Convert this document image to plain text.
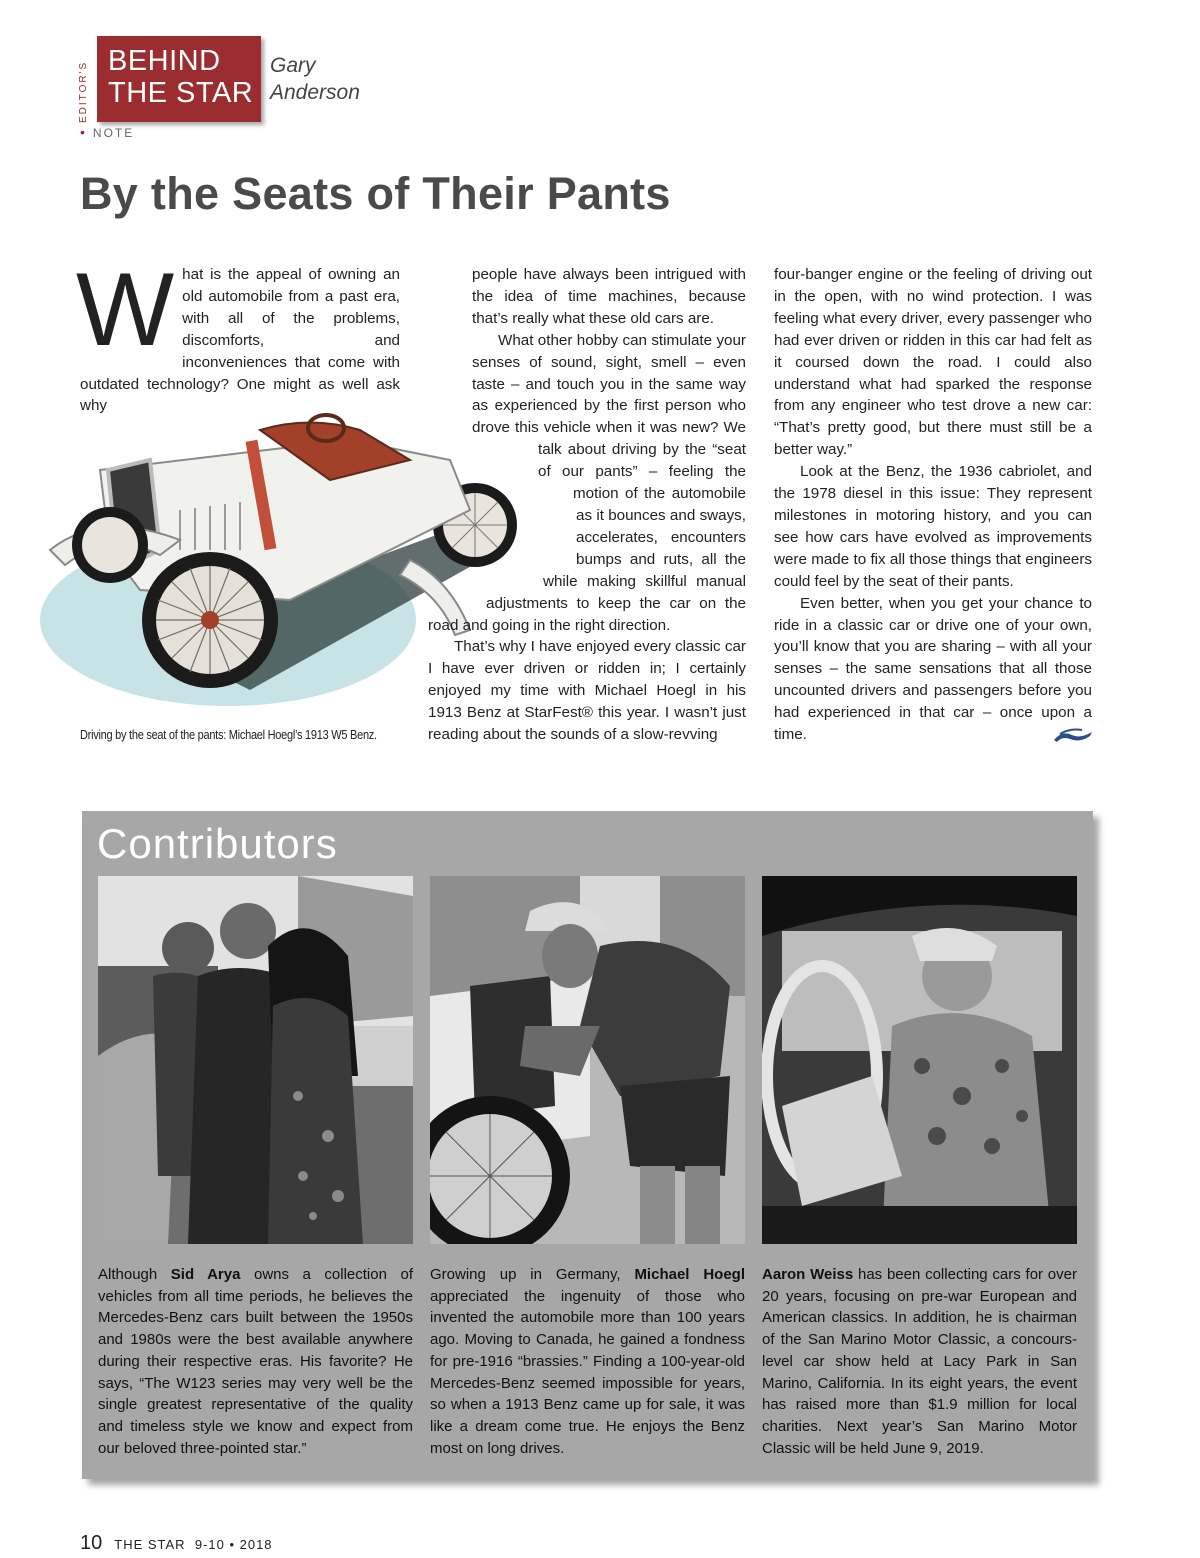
EDITOR'S BEHIND
THE STAR
• NOTE
Gary
Anderson
By the Seats of Their Pants

What is the appeal of owning an old automobile from a past era, with all of the problems, discomforts, and inconveniences that come with outdated technology? One might as well ask why

Driving by the seat of the pants: Michael Hoegl’s 1913 W5 Benz.

people have always been intrigued with the idea of time machines, because that’s really what these old cars are.

What other hobby can stimulate your senses of sound, sight, smell – even taste – and touch you in the same way as experienced by the first person who drove this vehicle when it was new? We talk about driving by the “seat of our pants” – feeling the motion of the automobile as it bounces and sways, accelerates, encounters bumps and ruts, all the while making skillful manual adjustments to keep the car on the road and going in the right direction.

That’s why I have enjoyed every classic car I have ever driven or ridden in; I certainly enjoyed my time with Michael Hoegl in his 1913 Benz at StarFest® this year. I wasn’t just reading about the sounds of a slow-revving

four-banger engine or the feeling of driving out in the open, with no wind protection. I was feeling what every driver, every passenger who had ever driven or ridden in this car had felt as it coursed down the road. I could also understand what had sparked the response from any engineer who test drove a new car: “That’s pretty good, but there must still be a better way.”

Look at the Benz, the 1936 cabriolet, and the 1978 diesel in this issue: They represent milestones in motoring history, and you can see how cars have evolved as improvements were made to fix all those things that engineers could feel by the seat of their pants.

Even better, when you get your chance to ride in a classic car or drive one of your own, you’ll know that you are sharing – with all your senses – the same sensations that all those uncounted drivers and passengers before you had experienced in that car – once upon a time.

Contributors

Although Sid Arya owns a collection of vehicles from all time periods, he believes the Mercedes-Benz cars built between the 1950s and 1980s were the best available anywhere during their respective eras. His favorite? He says, “The W123 series may very well be the single greatest representative of the quality and timeless style we know and expect from our beloved three-pointed star.”

Growing up in Germany, Michael Hoegl appreciated the ingenuity of those who invented the automobile more than 100 years ago. Moving to Canada, he gained a fondness for pre-1916 “brassies.” Finding a 100-year-old Mercedes-Benz seemed impossible for years, so when a 1913 Benz came up for sale, it was like a dream come true. He enjoys the Benz most on long drives.

Aaron Weiss has been collecting cars for over 20 years, focusing on pre-war European and American classics. In addition, he is chairman of the San Marino Motor Classic, a concours-level car show held at Lacy Park in San Marino, California. In its eight years, the event has raised more than $1.9 million for local charities. Next year’s San Marino Motor Classic will be held June 9, 2019.

10 THE STAR 9-10 • 2018
